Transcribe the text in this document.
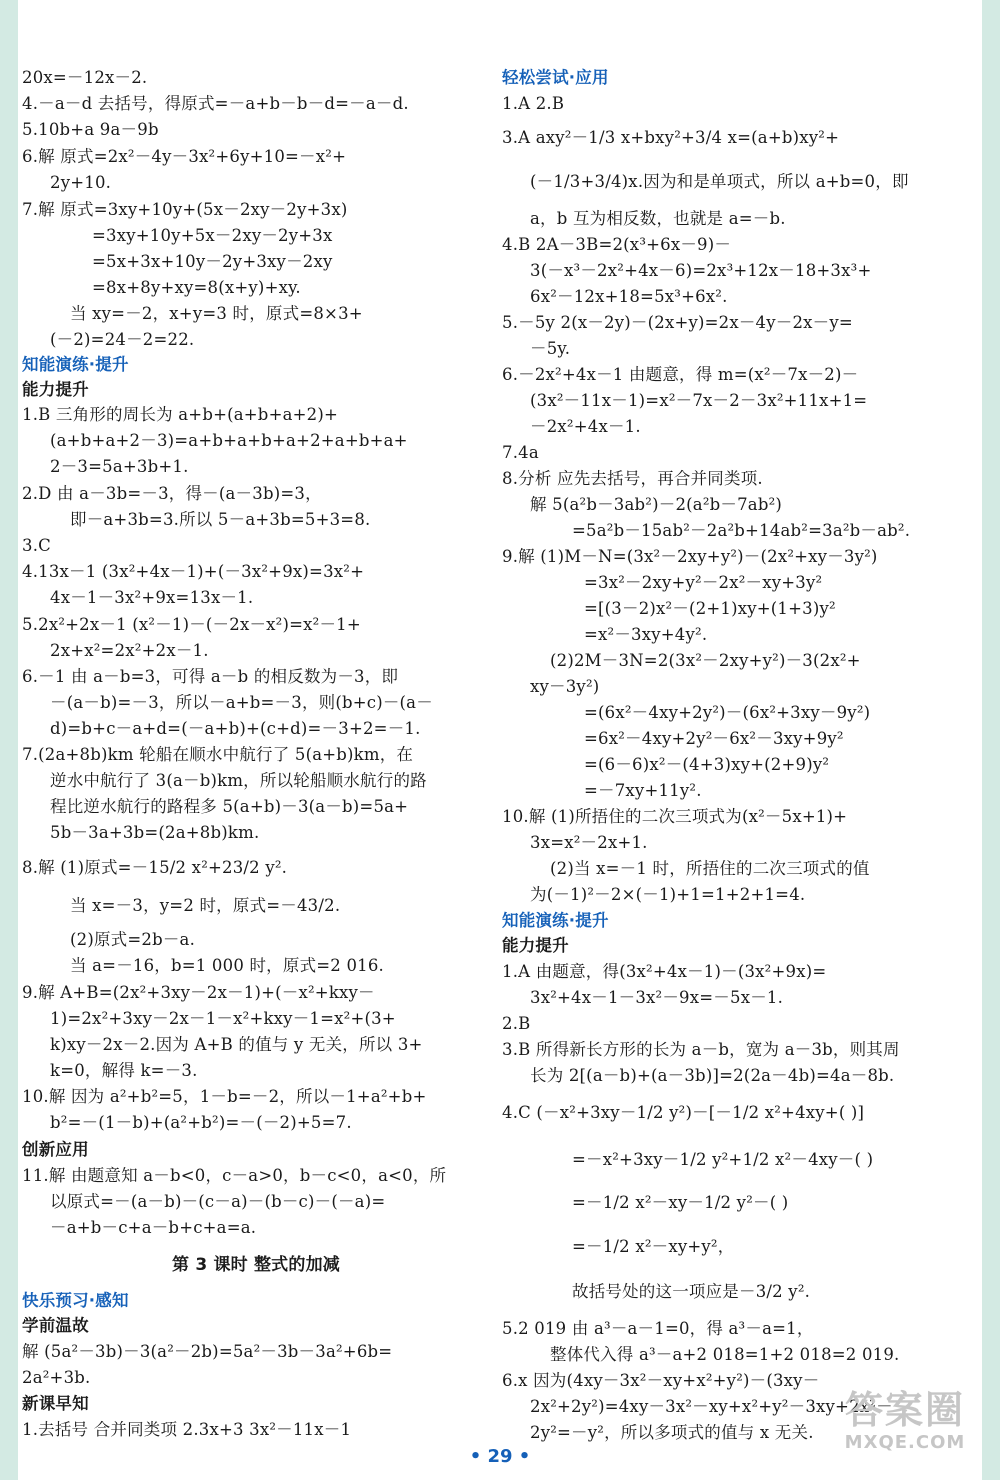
20x=－12x－2.
4.－a－d 去括号，得原式=－a+b－b－d=－a－d.
5.10b+a 9a－9b
6.解 原式=2x²－4y－3x²+6y+10=－x²+
2y+10.
7.解 原式=3xy+10y+(5x－2xy－2y+3x)
=3xy+10y+5x－2xy－2y+3x
=5x+3x+10y－2y+3xy－2xy
=8x+8y+xy=8(x+y)+xy.
当 xy=－2，x+y=3 时，原式=8×3+
(－2)=24－2=22.
知能演练·提升
能力提升
1.B 三角形的周长为 a+b+(a+b+a+2)+
(a+b+a+2－3)=a+b+a+b+a+2+a+b+a+
2－3=5a+3b+1.
2.D 由 a－3b=－3，得－(a－3b)=3，
即－a+3b=3.所以 5－a+3b=5+3=8.
3.C
4.13x－1 (3x²+4x－1)+(－3x²+9x)=3x²+
4x－1－3x²+9x=13x－1.
5.2x²+2x－1 (x²－1)－(－2x－x²)=x²－1+
2x+x²=2x²+2x－1.
6.－1 由 a－b=3，可得 a－b 的相反数为－3，即
－(a－b)=－3，所以－a+b=－3，则(b+c)－(a－
d)=b+c－a+d=(－a+b)+(c+d)=－3+2=－1.
7.(2a+8b)km 轮船在顺水中航行了 5(a+b)km，在
逆水中航行了 3(a－b)km，所以轮船顺水航行的路
程比逆水航行的路程多 5(a+b)－3(a－b)=5a+
5b－3a+3b=(2a+8b)km.
8.解 (1)原式=－15/2 x²+23/2 y².
当 x=－3，y=2 时，原式=－43/2.
(2)原式=2b－a.
当 a=－16，b=1 000 时，原式=2 016.
9.解 A+B=(2x²+3xy－2x－1)+(－x²+kxy－
1)=2x²+3xy－2x－1－x²+kxy－1=x²+(3+
k)xy－2x－2.因为 A+B 的值与 y 无关，所以 3+
k=0，解得 k=－3.
10.解 因为 a²+b²=5，1－b=－2，所以－1+a²+b+
b²=－(1－b)+(a²+b²)=－(－2)+5=7.
创新应用
11.解 由题意知 a－b<0，c－a>0，b－c<0，a<0，所
以原式=－(a－b)－(c－a)－(b－c)－(－a)=
－a+b－c+a－b+c+a=a.
第 3 课时 整式的加减
快乐预习·感知
学前温故
解 (5a²－3b)－3(a²－2b)=5a²－3b－3a²+6b=
2a²+3b.
新课早知
1.去括号 合并同类项 2.3x+3 3x²－11x－1
轻松尝试·应用
1.A 2.B
3.A axy²－1/3 x+bxy²+3/4 x=(a+b)xy²+
(－1/3+3/4)x.因为和是单项式，所以 a+b=0，即
a，b 互为相反数，也就是 a=－b.
4.B 2A－3B=2(x³+6x－9)－
3(－x³－2x²+4x－6)=2x³+12x－18+3x³+
6x²－12x+18=5x³+6x².
5.－5y 2(x－2y)－(2x+y)=2x－4y－2x－y=
－5y.
6.－2x²+4x－1 由题意，得 m=(x²－7x－2)－
(3x²－11x－1)=x²－7x－2－3x²+11x+1=
－2x²+4x－1.
7.4a
8.分析 应先去括号，再合并同类项.
解 5(a²b－3ab²)－2(a²b－7ab²)
=5a²b－15ab²－2a²b+14ab²=3a²b－ab².
9.解 (1)M－N=(3x²－2xy+y²)－(2x²+xy－3y²)
=3x²－2xy+y²－2x²－xy+3y²
=[(3－2)x²－(2+1)xy+(1+3)y²
=x²－3xy+4y².
(2)2M－3N=2(3x²－2xy+y²)－3(2x²+
xy－3y²)
=(6x²－4xy+2y²)－(6x²+3xy－9y²)
=6x²－4xy+2y²－6x²－3xy+9y²
=(6－6)x²－(4+3)xy+(2+9)y²
=－7xy+11y².
10.解 (1)所捂住的二次三项式为(x²－5x+1)+
3x=x²－2x+1.
(2)当 x=－1 时，所捂住的二次三项式的值
为(－1)²－2×(－1)+1=1+2+1=4.
知能演练·提升
能力提升
1.A 由题意，得(3x²+4x－1)－(3x²+9x)=
3x²+4x－1－3x²－9x=－5x－1.
2.B
3.B 所得新长方形的长为 a－b，宽为 a－3b，则其周
长为 2[(a－b)+(a－3b)]=2(2a－4b)=4a－8b.
4.C (－x²+3xy－1/2 y²)－[－1/2 x²+4xy+( )]
=－x²+3xy－1/2 y²+1/2 x²－4xy－( )
=－1/2 x²－xy－1/2 y²－( )
=－1/2 x²－xy+y²，
故括号处的这一项应是－3/2 y².
5.2 019 由 a³－a－1=0，得 a³－a=1，
整体代入得 a³－a+2 018=1+2 018=2 019.
6.x 因为(4xy－3x²－xy+x²+y²)－(3xy－
2x²+2y²)=4xy－3x²－xy+x²+y²－3xy+2x²－
2y²=－y²，所以多项式的值与 x 无关.
• 29 •
答案圈
MXQE.COM
